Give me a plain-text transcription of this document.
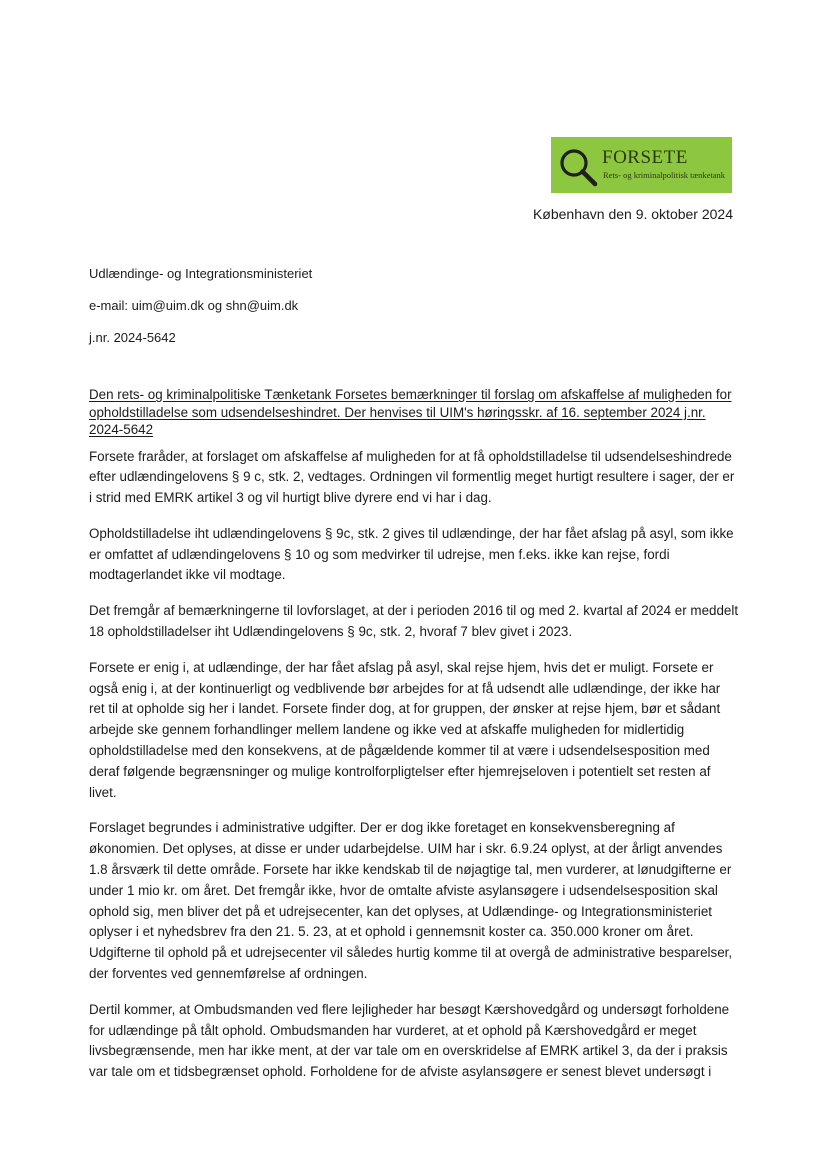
FORSETE
Rets- og kriminalpolitisk tænketank
København den 9. oktober 2024
Udlændinge- og Integrationsministeriet
e-mail: uim@uim.dk og shn@uim.dk
j.nr. 2024-5642

Den rets- og kriminalpolitiske Tænketank Forsetes bemærkninger til forslag om afskaffelse af muligheden for opholdstilladelse som udsendelseshindret. Der henvises til UIM's høringsskr. af 16. september 2024 j.nr. 2024-5642

Forsete fraråder, at forslaget om afskaffelse af muligheden for at få opholdstilladelse til udsendelseshindrede efter udlændingelovens § 9 c, stk. 2, vedtages. Ordningen vil formentlig meget hurtigt resultere i sager, der er i strid med EMRK artikel 3 og vil hurtigt blive dyrere end vi har i dag.

Opholdstilladelse iht udlændingelovens § 9c, stk. 2 gives til udlændinge, der har fået afslag på asyl, som ikke er omfattet af udlændingelovens § 10 og som medvirker til udrejse, men f.eks. ikke kan rejse, fordi modtagerlandet ikke vil modtage.

Det fremgår af bemærkningerne til lovforslaget, at der i perioden 2016 til og med 2. kvartal af 2024 er meddelt 18 opholdstilladelser iht Udlændingelovens § 9c, stk. 2, hvoraf 7 blev givet i 2023.

Forsete er enig i, at udlændinge, der har fået afslag på asyl, skal rejse hjem, hvis det er muligt. Forsete er også enig i, at der kontinuerligt og vedblivende bør arbejdes for at få udsendt alle udlændinge, der ikke har ret til at opholde sig her i landet. Forsete finder dog, at for gruppen, der ønsker at rejse hjem, bør et sådant arbejde ske gennem forhandlinger mellem landene og ikke ved at afskaffe muligheden for midlertidig opholdstilladelse med den konsekvens, at de pågældende kommer til at være i udsendelsesposition med deraf følgende begrænsninger og mulige kontrolforpligtelser efter hjemrejseloven i potentielt set resten af livet.

Forslaget begrundes i administrative udgifter. Der er dog ikke foretaget en konsekvensberegning af økonomien. Det oplyses, at disse er under udarbejdelse. UIM har i skr. 6.9.24 oplyst, at der årligt anvendes 1.8 årsværk til dette område. Forsete har ikke kendskab til de nøjagtige tal, men vurderer, at lønudgifterne er under 1 mio kr. om året. Det fremgår ikke, hvor de omtalte afviste asylansøgere i udsendelsesposition skal ophold sig, men bliver det på et udrejsecenter, kan det oplyses, at Udlændinge- og Integrationsministeriet oplyser i et nyhedsbrev fra den 21. 5. 23, at et ophold i gennemsnit koster ca. 350.000 kroner om året. Udgifterne til ophold på et udrejsecenter vil således hurtig komme til at overgå de administrative besparelser, der forventes ved gennemførelse af ordningen.

Dertil kommer, at Ombudsmanden ved flere lejligheder har besøgt Kærshovedgård og undersøgt forholdene for udlændinge på tålt ophold. Ombudsmanden har vurderet, at et ophold på Kærshovedgård er meget livsbegrænsende, men har ikke ment, at der var tale om en overskridelse af EMRK artikel 3, da der i praksis var tale om et tidsbegrænset ophold. Forholdene for de afviste asylansøgere er senest blevet undersøgt i
